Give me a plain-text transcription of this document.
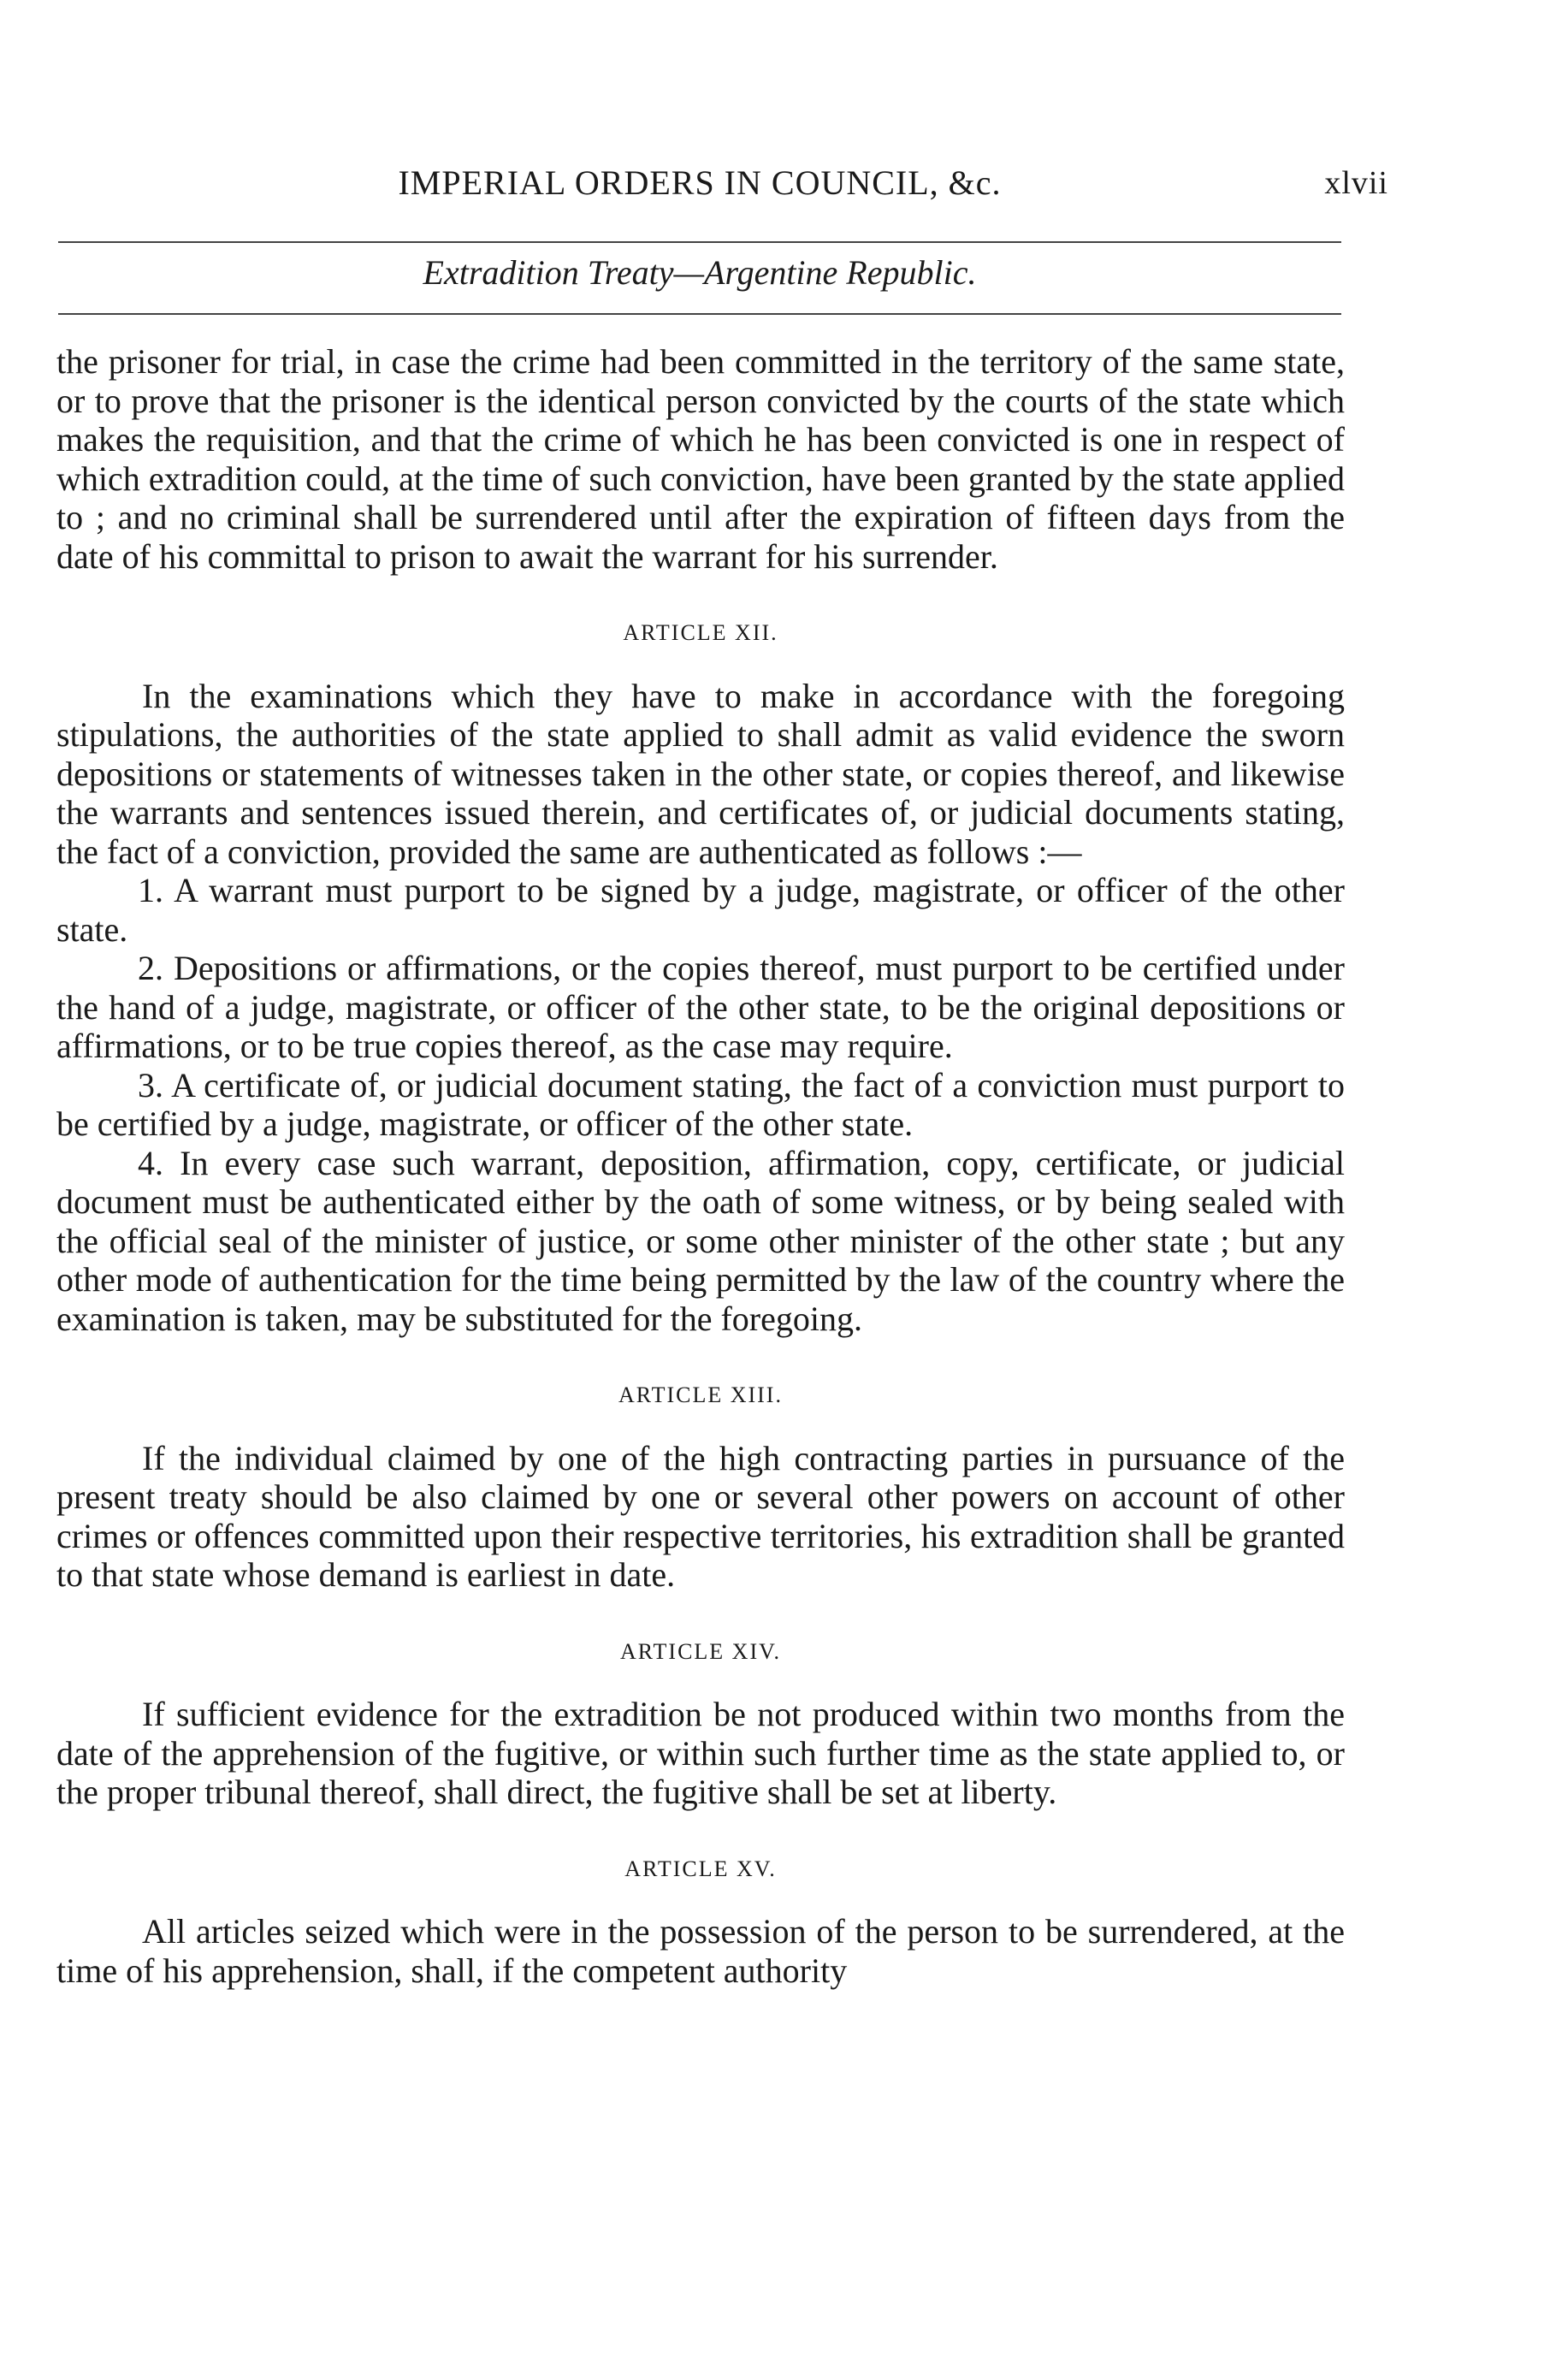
IMPERIAL ORDERS IN COUNCIL, &c.	xlvii
Extradition Treaty—Argentine Republic.

the prisoner for trial, in case the crime had been committed in the territory of the same state, or to prove that the prisoner is the identical person convicted by the courts of the state which makes the requisition, and that the crime of which he has been convicted is one in respect of which extradition could, at the time of such conviction, have been granted by the state applied to ; and no criminal shall be surrendered until after the expiration of fifteen days from the date of his committal to prison to await the warrant for his surrender.

ARTICLE XII.

In the examinations which they have to make in accordance with the foregoing stipulations, the authorities of the state applied to shall admit as valid evidence the sworn depositions or statements of witnesses taken in the other state, or copies thereof, and likewise the warrants and sentences issued therein, and certificates of, or judicial documents stating, the fact of a conviction, provided the same are authenticated as follows :—

1. A warrant must purport to be signed by a judge, magistrate, or officer of the other state.

2. Depositions or affirmations, or the copies thereof, must purport to be certified under the hand of a judge, magistrate, or officer of the other state, to be the original depositions or affirmations, or to be true copies thereof, as the case may require.

3. A certificate of, or judicial document stating, the fact of a conviction must purport to be certified by a judge, magistrate, or officer of the other state.

4. In every case such warrant, deposition, affirmation, copy, certificate, or judicial document must be authenticated either by the oath of some witness, or by being sealed with the official seal of the minister of justice, or some other minister of the other state ; but any other mode of authentication for the time being permitted by the law of the country where the examination is taken, may be substituted for the foregoing.

ARTICLE XIII.

If the individual claimed by one of the high contracting parties in pursuance of the present treaty should be also claimed by one or several other powers on account of other crimes or offences committed upon their respective territories, his extradition shall be granted to that state whose demand is earliest in date.

ARTICLE XIV.

If sufficient evidence for the extradition be not produced within two months from the date of the apprehension of the fugitive, or within such further time as the state applied to, or the proper tribunal thereof, shall direct, the fugitive shall be set at liberty.

ARTICLE XV.

All articles seized which were in the possession of the person to be surrendered, at the time of his apprehension, shall, if the competent authority
